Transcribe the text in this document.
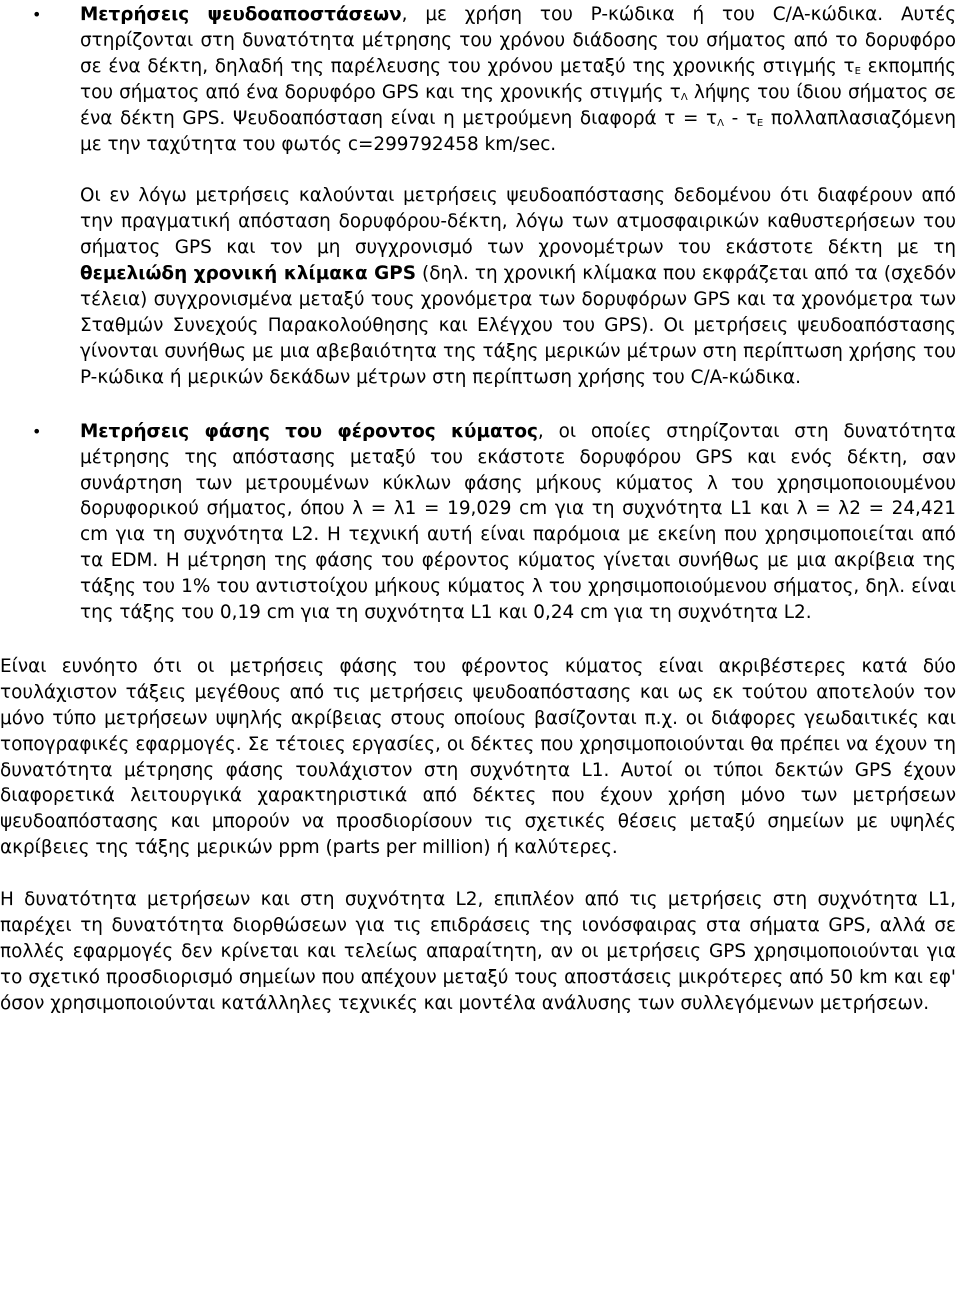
• Μετρήσεις ψευδοαποστάσεων, με χρήση του P-κώδικα ή του C/A-κώδικα. Αυτές στηρίζονται στη δυνατότητα μέτρησης του χρόνου διάδοσης του σήματος από το δορυφόρο σε ένα δέκτη, δηλαδή της παρέλευσης του χρόνου μεταξύ της χρονικής στιγμής $\tau_E$ εκπομπής του σήματος από ένα δορυφόρο GPS και της χρονικής στιγμής $\tau_\Lambda$ λήψης του ίδιου σήματος σε ένα δέκτη GPS. Ψευδοαπόσταση είναι η μετρούμενη διαφορά $\tau = \tau_\Lambda - \tau_E$ πολλαπλασιαζόμενη με την ταχύτητα του φωτός c=299792458 km/sec.
Οι εν λόγω μετρήσεις καλούνται μετρήσεις ψευδοαπόστασης δεδομένου ότι διαφέρουν από την πραγματική απόσταση δορυφόρου-δέκτη, λόγω των ατμοσφαιρικών καθυστερήσεων του σήματος GPS και τον μη συγχρονισμό των χρονομέτρων του εκάστοτε δέκτη με τη θεμελιώδη χρονική κλίμακα GPS (δηλ. τη χρονική κλίμακα που εκφράζεται από τα (σχεδόν τέλεια) συγχρονισμένα μεταξύ τους χρονόμετρα των δορυφόρων GPS και τα χρονόμετρα των Σταθμών Συνεχούς Παρακολούθησης και Ελέγχου του GPS). Οι μετρήσεις ψευδοαπόστασης γίνονται συνήθως με μια αβεβαιότητα της τάξης μερικών μέτρων στη περίπτωση χρήσης του P-κώδικα ή μερικών δεκάδων μέτρων στη περίπτωση χρήσης του C/A-κώδικα.
• Μετρήσεις φάσης του φέροντος κύματος, οι οποίες στηρίζονται στη δυνατότητα μέτρησης της απόστασης μεταξύ του εκάστοτε δορυφόρου GPS και ενός δέκτη, σαν συνάρτηση των μετρουμένων κύκλων φάσης μήκους κύματος λ του χρησιμοποιουμένου δορυφορικού σήματος, όπου λ = λ1 = 19,029 cm για τη συχνότητα L1 και λ = λ2 = 24,421 cm για τη συχνότητα L2. Η τεχνική αυτή είναι παρόμοια με εκείνη που χρησιμοποιείται από τα EDM. Η μέτρηση της φάσης του φέροντος κύματος γίνεται συνήθως με μια ακρίβεια της τάξης του 1% του αντιστοίχου μήκους κύματος λ του χρησιμοποιούμενου σήματος, δηλ. είναι της τάξης του 0,19 cm για τη συχνότητα L1 και 0,24 cm για τη συχνότητα L2.
Είναι ευνόητο ότι οι μετρήσεις φάσης του φέροντος κύματος είναι ακριβέστερες κατά δύο τουλάχιστον τάξεις μεγέθους από τις μετρήσεις ψευδοαπόστασης και ως εκ τούτου αποτελούν τον μόνο τύπο μετρήσεων υψηλής ακρίβειας στους οποίους βασίζονται π.χ. οι διάφορες γεωδαιτικές και τοπογραφικές εφαρμογές. Σε τέτοιες εργασίες, οι δέκτες που χρησιμοποιούνται θα πρέπει να έχουν τη δυνατότητα μέτρησης φάσης τουλάχιστον στη συχνότητα L1. Αυτοί οι τύποι δεκτών GPS έχουν διαφορετικά λειτουργικά χαρακτηριστικά από δέκτες που έχουν χρήση μόνο των μετρήσεων ψευδοαπόστασης και μπορούν να προσδιορίσουν τις σχετικές θέσεις μεταξύ σημείων με υψηλές ακρίβειες της τάξης μερικών ppm (parts per million) ή καλύτερες.
Η δυνατότητα μετρήσεων και στη συχνότητα L2, επιπλέον από τις μετρήσεις στη συχνότητα L1, παρέχει τη δυνατότητα διορθώσεων για τις επιδράσεις της ιονόσφαιρας στα σήματα GPS, αλλά σε πολλές εφαρμογές δεν κρίνεται και τελείως απαραίτητη, αν οι μετρήσεις GPS χρησιμοποιούνται για το σχετικό προσδιορισμό σημείων που απέχουν μεταξύ τους αποστάσεις μικρότερες από 50 km και εφ' όσον χρησιμοποιούνται κατάλληλες τεχνικές και μοντέλα ανάλυσης των συλλεγόμενων μετρήσεων.
